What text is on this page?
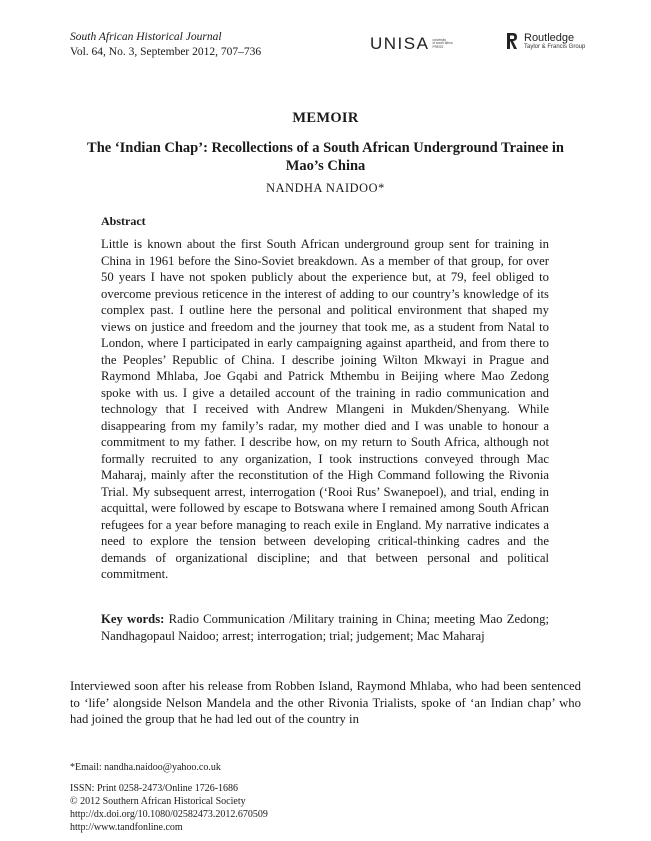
South African Historical Journal
Vol. 64, No. 3, September 2012, 707–736	UNISA university
of south africa
PRESS
Routledge
Taylor & Francis Group
MEMOIR
The ‘Indian Chap’: Recollections of a South African Underground Trainee in Mao’s China
NANDHA NAIDOO*
Abstract
Little is known about the first South African underground group sent for training in China in 1961 before the Sino-Soviet breakdown. As a member of that group, for over 50 years I have not spoken publicly about the experience but, at 79, feel obliged to overcome previous reticence in the interest of adding to our country’s knowledge of its complex past. I outline here the personal and political environment that shaped my views on justice and freedom and the journey that took me, as a student from Natal to London, where I participated in early campaigning against apartheid, and from there to the Peoples’ Republic of China. I describe joining Wilton Mkwayi in Prague and Raymond Mhlaba, Joe Gqabi and Patrick Mthembu in Beijing where Mao Zedong spoke with us. I give a detailed account of the training in radio communication and technology that I received with Andrew Mlangeni in Mukden/Shenyang. While disappearing from my family’s radar, my mother died and I was unable to honour a commitment to my father. I describe how, on my return to South Africa, although not formally recruited to any organization, I took instructions conveyed through Mac Maharaj, mainly after the reconstitution of the High Command following the Rivonia Trial. My subsequent arrest, interrogation (‘Rooi Rus’ Swanepoel), and trial, ending in acquittal, were followed by escape to Botswana where I remained among South African refugees for a year before managing to reach exile in England. My narrative indicates a need to explore the tension between developing critical-thinking cadres and the demands of organizational discipline; and that between personal and political commitment.
Key words: Radio Communication /Military training in China; meeting Mao Zedong; Nandhagopaul Naidoo; arrest; interrogation; trial; judgement; Mac Maharaj
Interviewed soon after his release from Robben Island, Raymond Mhlaba, who had been sentenced to ‘life’ alongside Nelson Mandela and the other Rivonia Trialists, spoke of ‘an Indian chap’ who had joined the group that he had led out of the country in
*Email: nandha.naidoo@yahoo.co.uk
ISSN: Print 0258-2473/Online 1726-1686
© 2012 Southern African Historical Society
http://dx.doi.org/10.1080/02582473.2012.670509
http://www.tandfonline.com
